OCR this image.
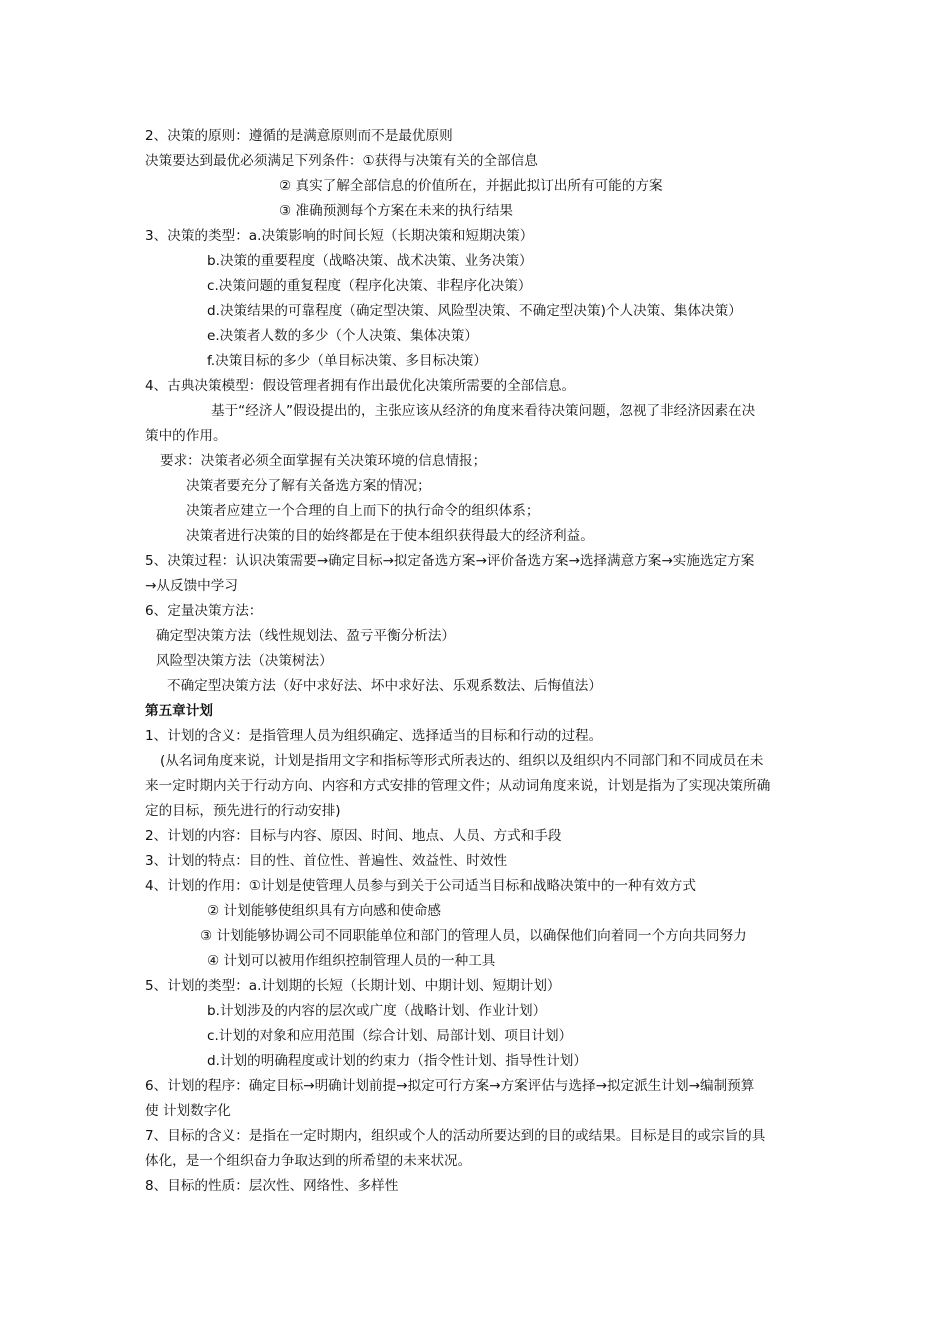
2、决策的原则：遵循的是满意原则而不是最优原则
决策要达到最优必须满足下列条件：①获得与决策有关的全部信息
② 真实了解全部信息的价值所在，并据此拟订出所有可能的方案
③ 准确预测每个方案在未来的执行结果
3、决策的类型：a.决策影响的时间长短（长期决策和短期决策）
b.决策的重要程度（战略决策、战术决策、业务决策）
c.决策问题的重复程度（程序化决策、非程序化决策）
d.决策结果的可靠程度（确定型决策、风险型决策、不确定型决策)个人决策、集体决策）
e.决策者人数的多少（个人决策、集体决策）
f.决策目标的多少（单目标决策、多目标决策）
4、古典决策模型：假设管理者拥有作出最优化决策所需要的全部信息。
基于“经济人”假设提出的，主张应该从经济的角度来看待决策问题，忽视了非经济因素在决
策中的作用。
要求：决策者必须全面掌握有关决策环境的信息情报；
决策者要充分了解有关备选方案的情况；
决策者应建立一个合理的自上而下的执行命令的组织体系；
决策者进行决策的目的始终都是在于使本组织获得最大的经济利益。
5、决策过程：认识决策需要→确定目标→拟定备选方案→评价备选方案→选择满意方案→实施选定方案
→从反馈中学习
6、定量决策方法：
确定型决策方法（线性规划法、盈亏平衡分析法）
风险型决策方法（决策树法）
不确定型决策方法（好中求好法、坏中求好法、乐观系数法、后悔值法）
第五章计划
1、计划的含义：是指管理人员为组织确定、选择适当的目标和行动的过程。
(从名词角度来说，计划是指用文字和指标等形式所表达的、组织以及组织内不同部门和不同成员在未
来一定时期内关于行动方向、内容和方式安排的管理文件；从动词角度来说，计划是指为了实现决策所确
定的目标，预先进行的行动安排)
2、计划的内容：目标与内容、原因、时间、地点、人员、方式和手段
3、计划的特点：目的性、首位性、普遍性、效益性、时效性
4、计划的作用：①计划是使管理人员参与到关于公司适当目标和战略决策中的一种有效方式
② 计划能够使组织具有方向感和使命感
③ 计划能够协调公司不同职能单位和部门的管理人员，以确保他们向着同一个方向共同努力
④ 计划可以被用作组织控制管理人员的一种工具
5、计划的类型：a.计划期的长短（长期计划、中期计划、短期计划）
b.计划涉及的内容的层次或广度（战略计划、作业计划）
c.计划的对象和应用范围（综合计划、局部计划、项目计划）
d.计划的明确程度或计划的约束力（指令性计划、指导性计划）
6、计划的程序：确定目标→明确计划前提→拟定可行方案→方案评估与选择→拟定派生计划→编制预算
使 计划数字化
7、目标的含义：是指在一定时期内，组织或个人的活动所要达到的目的或结果。目标是目的或宗旨的具
体化，是一个组织奋力争取达到的所希望的未来状况。
8、目标的性质：层次性、网络性、多样性
